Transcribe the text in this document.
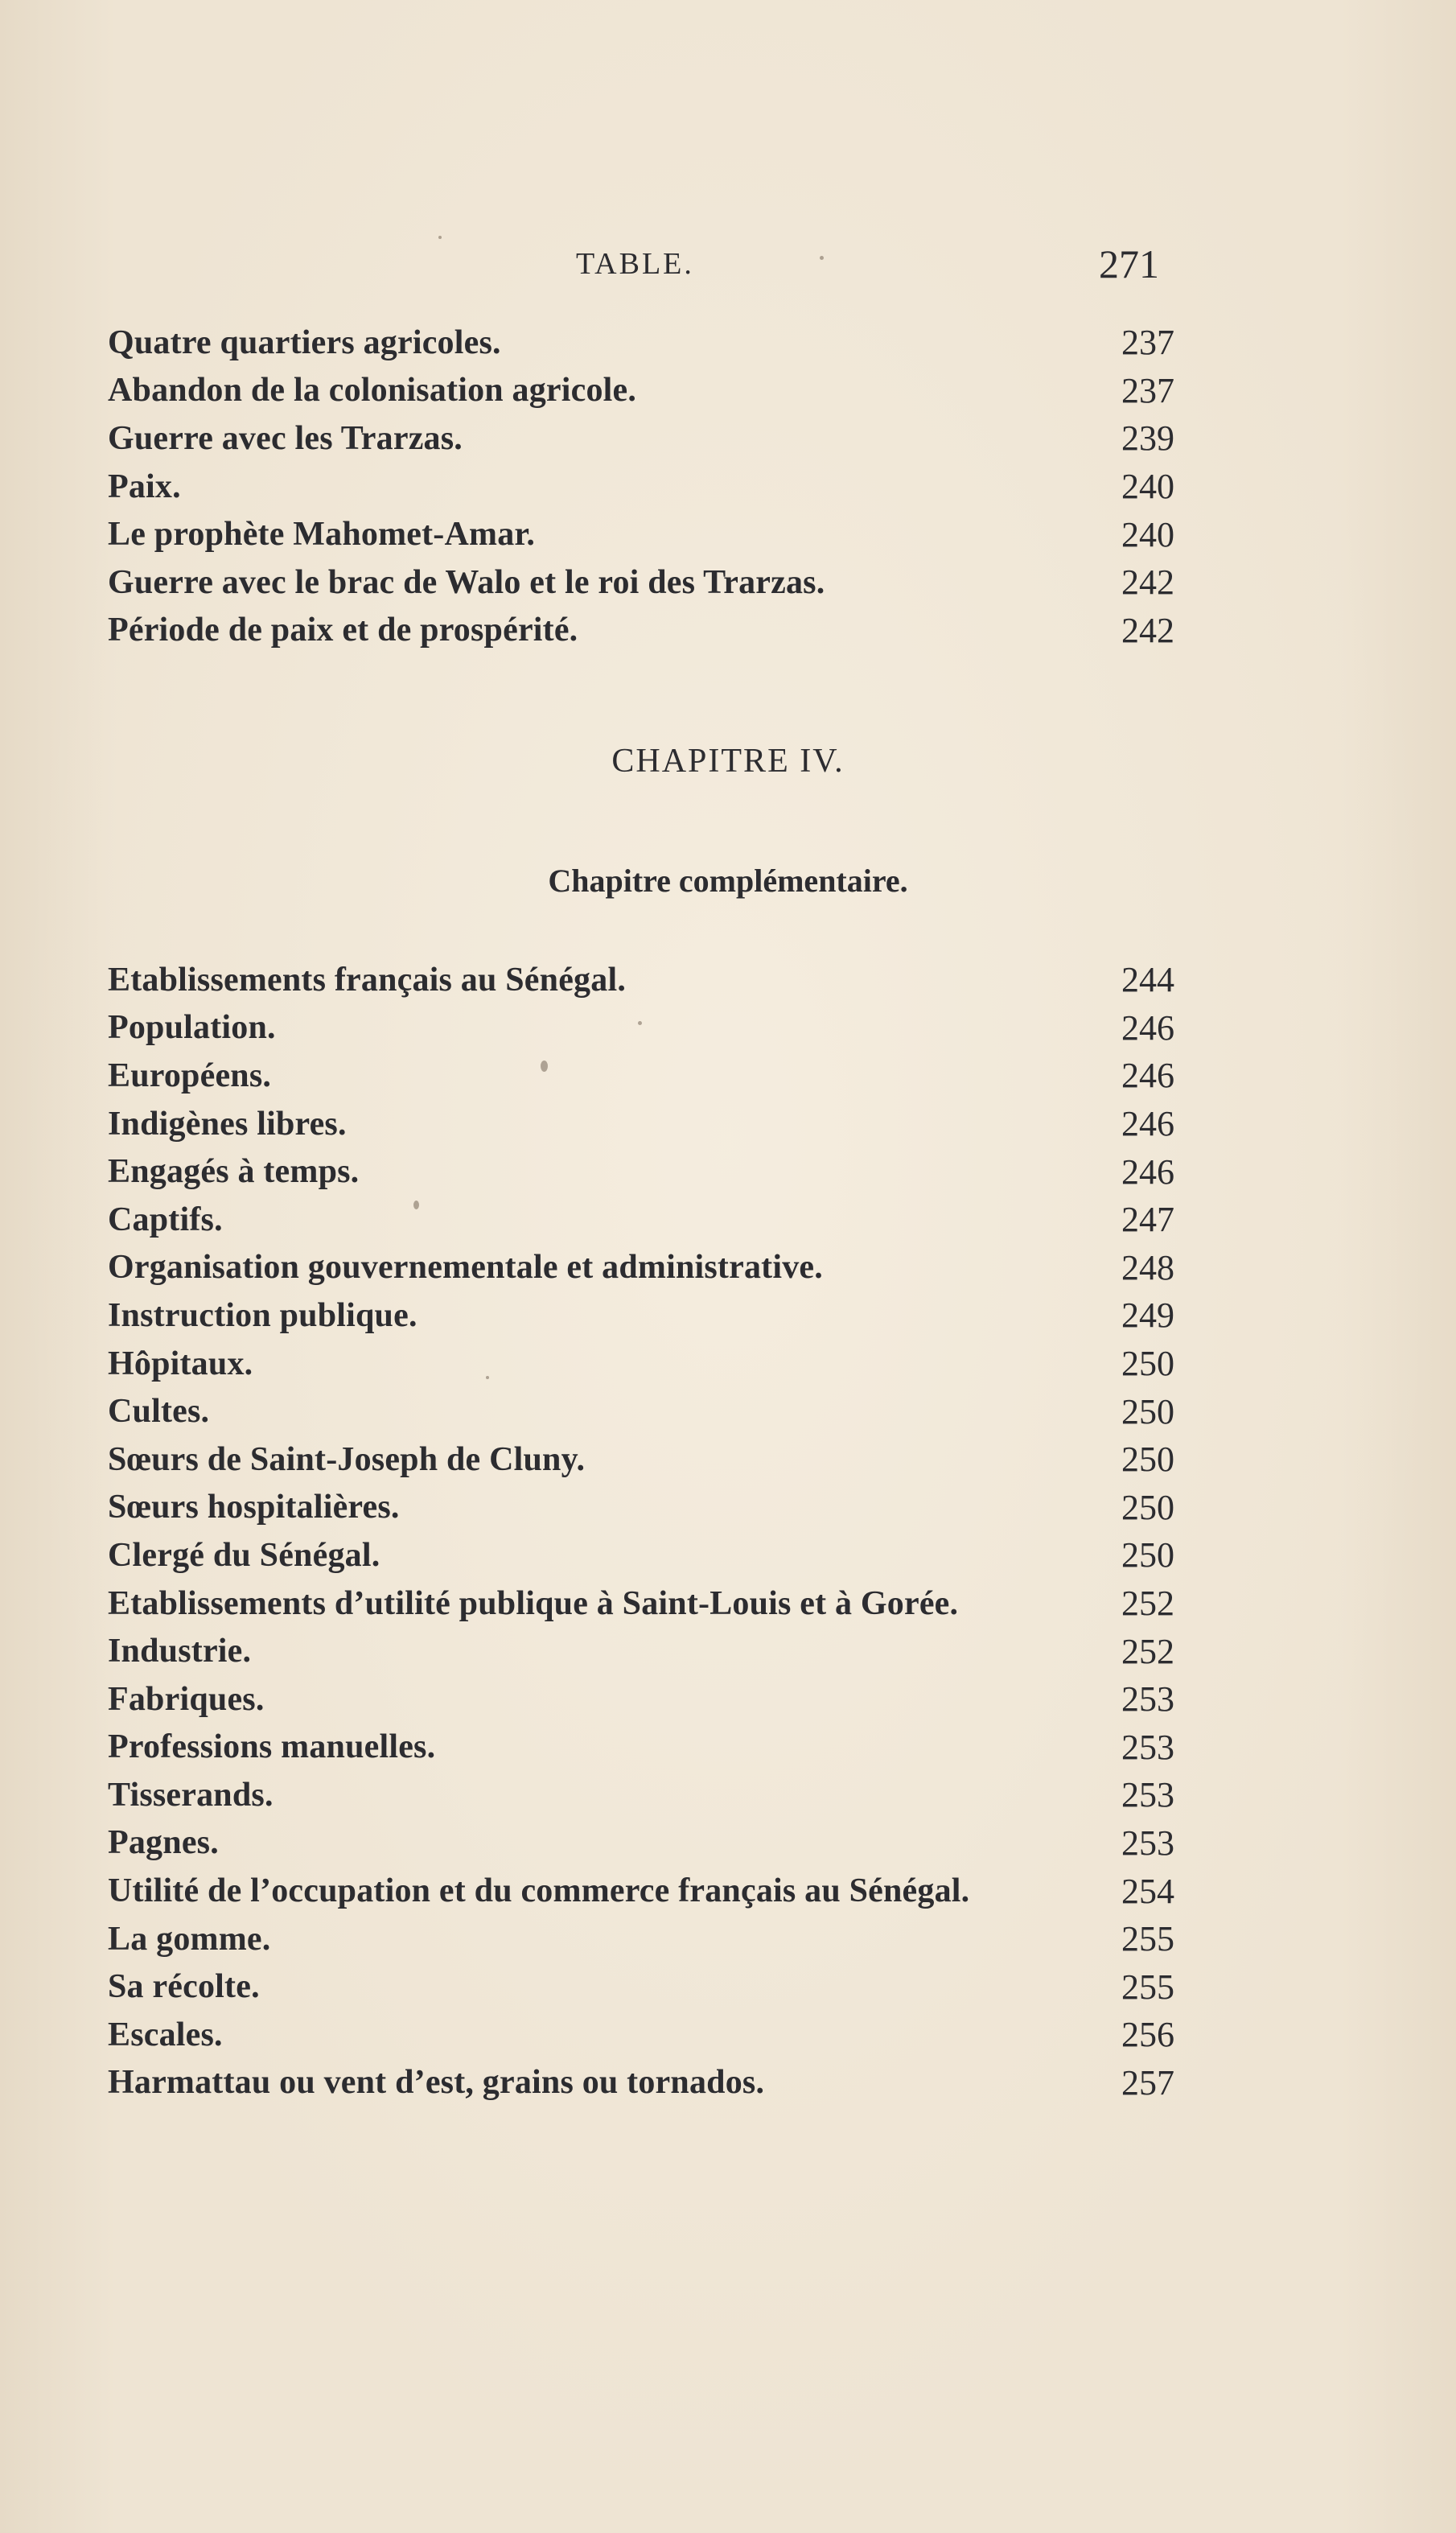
TABLE.	271
Quatre quartiers agricoles.	237
Abandon de la colonisation agricole.	237
Guerre avec les Trarzas.	239
Paix.	240
Le prophète Mahomet-Amar.	240
Guerre avec le brac de Walo et le roi des Trarzas.	242
Période de paix et de prospérité.	242
CHAPITRE IV.
Chapitre complémentaire.
Etablissements français au Sénégal.	244
Population.	246
Européens.	246
Indigènes libres.	246
Engagés à temps.	246
Captifs.	247
Organisation gouvernementale et administrative.	248
Instruction publique.	249
Hôpitaux.	250
Cultes.	250
Sœurs de Saint-Joseph de Cluny.	250
Sœurs hospitalières.	250
Clergé du Sénégal.	250
Etablissements d’utilité publique à Saint-Louis et à Gorée.	252
Industrie.	252
Fabriques.	253
Professions manuelles.	253
Tisserands.	253
Pagnes.	253
Utilité de l’occupation et du commerce français au Sénégal.	254
La gomme.	255
Sa récolte.	255
Escales.	256
Harmattau ou vent d’est, grains ou tornados.	257
